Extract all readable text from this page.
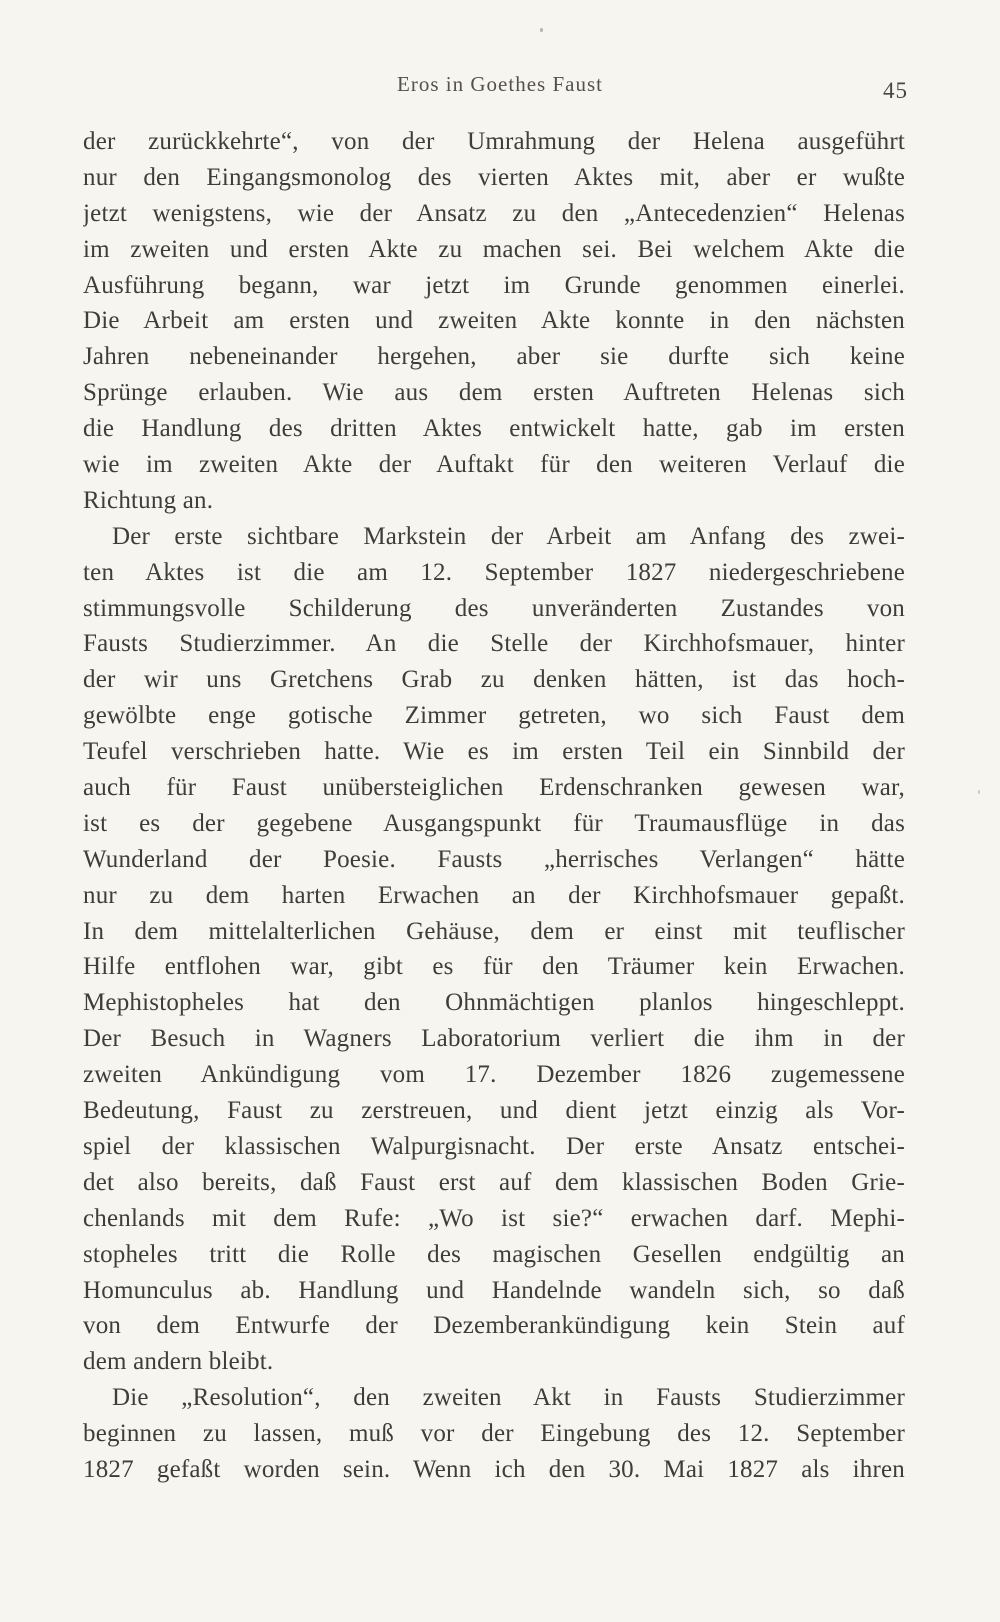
Eros in Goethes Faust	45
der zurückkehrte“, von der Umrahmung der Helena ausgeführt
nur den Eingangsmonolog des vierten Aktes mit, aber er wußte
jetzt wenigstens, wie der Ansatz zu den „Antecedenzien“ Helenas
im zweiten und ersten Akte zu machen sei. Bei welchem Akte die
Ausführung begann, war jetzt im Grunde genommen einerlei.
Die Arbeit am ersten und zweiten Akte konnte in den nächsten
Jahren nebeneinander hergehen, aber sie durfte sich keine
Sprünge erlauben. Wie aus dem ersten Auftreten Helenas sich
die Handlung des dritten Aktes entwickelt hatte, gab im ersten
wie im zweiten Akte der Auftakt für den weiteren Verlauf die
Richtung an.
Der erste sichtbare Markstein der Arbeit am Anfang des zwei-
ten Aktes ist die am 12. September 1827 niedergeschriebene
stimmungsvolle Schilderung des unveränderten Zustandes von
Fausts Studierzimmer. An die Stelle der Kirchhofsmauer, hinter
der wir uns Gretchens Grab zu denken hätten, ist das hoch-
gewölbte enge gotische Zimmer getreten, wo sich Faust dem
Teufel verschrieben hatte. Wie es im ersten Teil ein Sinnbild der
auch für Faust unübersteiglichen Erdenschranken gewesen war,
ist es der gegebene Ausgangspunkt für Traumausflüge in das
Wunderland der Poesie. Fausts „herrisches Verlangen“ hätte
nur zu dem harten Erwachen an der Kirchhofsmauer gepaßt.
In dem mittelalterlichen Gehäuse, dem er einst mit teuflischer
Hilfe entflohen war, gibt es für den Träumer kein Erwachen.
Mephistopheles hat den Ohnmächtigen planlos hingeschleppt.
Der Besuch in Wagners Laboratorium verliert die ihm in der
zweiten Ankündigung vom 17. Dezember 1826 zugemessene
Bedeutung, Faust zu zerstreuen, und dient jetzt einzig als Vor-
spiel der klassischen Walpurgisnacht. Der erste Ansatz entschei-
det also bereits, daß Faust erst auf dem klassischen Boden Grie-
chenlands mit dem Rufe: „Wo ist sie?“ erwachen darf. Mephi-
stopheles tritt die Rolle des magischen Gesellen endgültig an
Homunculus ab. Handlung und Handelnde wandeln sich, so daß
von dem Entwurfe der Dezemberankündigung kein Stein auf
dem andern bleibt.
Die „Resolution“, den zweiten Akt in Fausts Studierzimmer
beginnen zu lassen, muß vor der Eingebung des 12. September
1827 gefaßt worden sein. Wenn ich den 30. Mai 1827 als ihren
